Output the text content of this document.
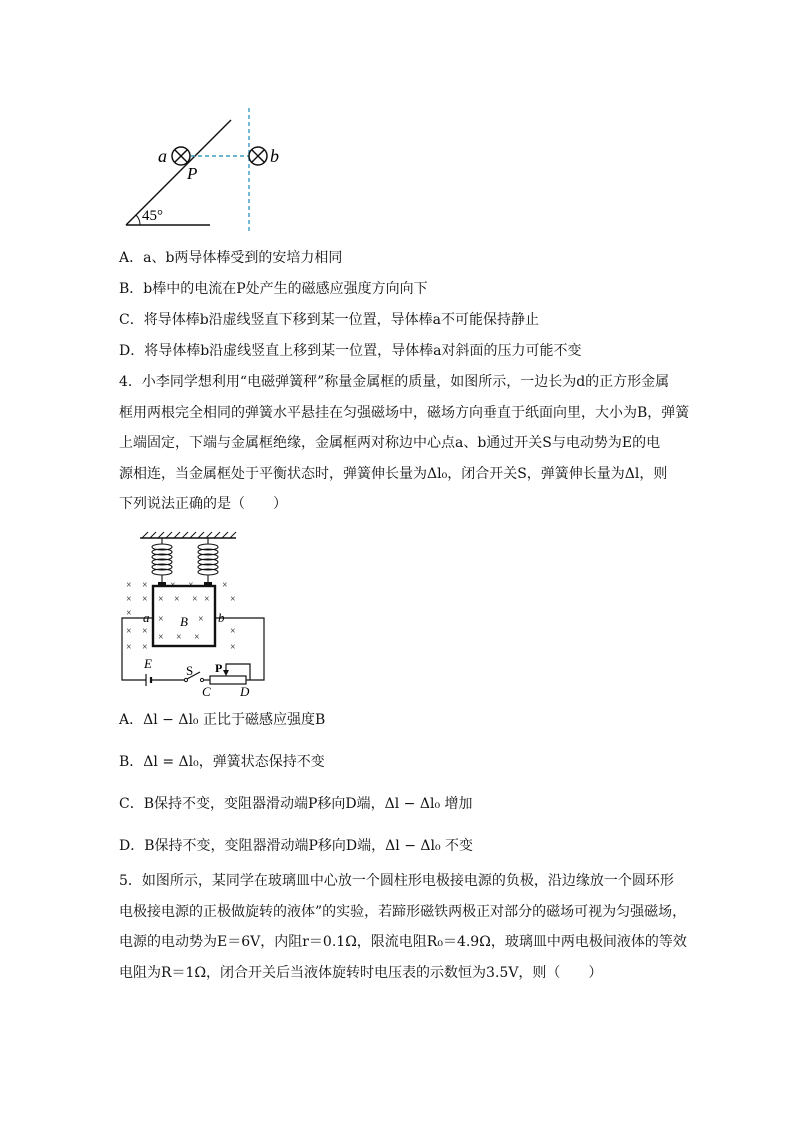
a	b
P
45°
A．a、b两导体棒受到的安培力相同
B．b棒中的电流在P处产生的磁感应强度方向向下
C．将导体棒b沿虚线竖直下移到某一位置，导体棒a不可能保持静止
D．将导体棒b沿虚线竖直上移到某一位置，导体棒a对斜面的压力可能不变
4．小李同学想利用“电磁弹簧秤”称量金属框的质量，如图所示，一边长为d的正方形金属
框用两根完全相同的弹簧水平悬挂在匀强磁场中，磁场方向垂直于纸面向里，大小为B，弹簧
上端固定，下端与金属框绝缘，金属框两对称边中心点a、b通过开关S与电动势为E的电
源相连，当金属框处于平衡状态时，弹簧伸长量为Δl₀，闭合开关S，弹簧伸长量为Δl，则
下列说法正确的是（　　）
×
×
×
×
×
×
×
×
×
× ×
× × × ×
×	×
× × ×
×
×
×
×
a	b
B
E	S P
C D
A．Δl − Δl₀ 正比于磁感应强度B
B．Δl = Δl₀，弹簧状态保持不变
C．B保持不变，变阻器滑动端P移向D端，Δl − Δl₀ 增加
D．B保持不变，变阻器滑动端P移向D端，Δl − Δl₀ 不变
5．如图所示，某同学在玻璃皿中心放一个圆柱形电极接电源的负极，沿边缘放一个圆环形
电极接电源的正极做旋转的液体”的实验，若蹄形磁铁两极正对部分的磁场可视为匀强磁场，
电源的电动势为E＝6V，内阻r＝0.1Ω，限流电阻R₀＝4.9Ω，玻璃皿中两电极间液体的等效
电阻为R＝1Ω，闭合开关后当液体旋转时电压表的示数恒为3.5V，则（　　）
